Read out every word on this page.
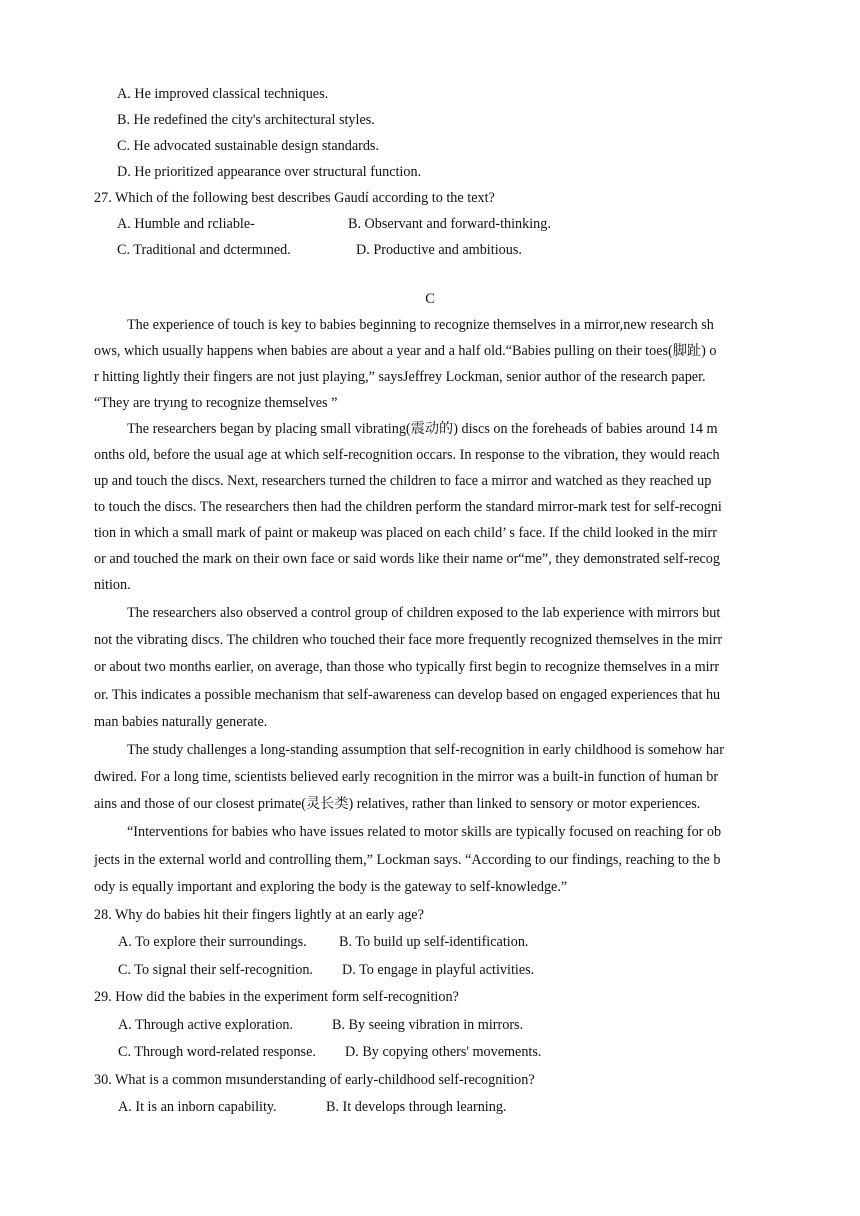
A. He improved classical techniques.
B. He redefined the city's architectural styles.
C. He advocated sustainable design standards.
D. He prioritized appearance over structural function.
27. Which of the following best describes Gaudí according to the text?
A. Humble and rcliable-	B. Observant and forward-thinking.
C. Traditional and dctermıned.	D. Productive and ambitious.
C
The experience of touch is key to babies beginning to recognize themselves in a mirror,new research sh
ows, which usually happens when babies are about a year and a half old.“Babies pulling on their toes(脚趾) o
r hitting lightly their fingers are not just playing,” saysJeffrey Lockman, senior author of the research paper.
“They are tryıng to recognize themselves ”
The researchers began by placing small vibrating(震动的) discs on the foreheads of babies around 14 m
onths old, before the usual age at which self-recognition occars. In response to the vibration, they would reach
up and touch the discs. Next, researchers turned the children to face a mirror and watched as they reached up
to touch the discs. The researchers then had the children perform the standard mirror-mark test for self-recogni
tion in which a small mark of paint or makeup was placed on each child’ s face. If the child looked in the mirr
or and touched the mark on their own face or said words like their name or“me”, they demonstrated self-recog
nition.
The researchers also observed a control group of children exposed to the lab experience with mirrors but
not the vibrating discs. The children who touched their face more frequently recognized themselves in the mirr
or about two months earlier, on average, than those who typically first begin to recognize themselves in a mirr
or. This indicates a possible mechanism that self-awareness can develop based on engaged experiences that hu
man babies naturally generate.
The study challenges a long-standing assumption that self-recognition in early childhood is somehow har
dwired. For a long time, scientists believed early recognition in the mirror was a built-in function of human br
ains and those of our closest primate(灵长类) relatives, rather than linked to sensory or motor experiences.
“Interventions for babies who have issues related to motor skills are typically focused on reaching for ob
jects in the external world and controlling them,” Lockman says. “According to our findings, reaching to the b
ody is equally important and exploring the body is the gateway to self-knowledge.”
28. Why do babies hit their fingers lightly at an early age?
A. To explore their surroundings. B. To build up self-identification.
C. To signal their self-recognition. D. To engage in playful activities.
29. How did the babies in the experiment form self-recognition?
A. Through active exploration.	B. By seeing vibration in mirrors.
C. Through word-related response. D. By copying others' movements.
30. What is a common mısunderstanding of early-childhood self-recognition?
A. It is an inborn capability.	B. It develops through learning.
